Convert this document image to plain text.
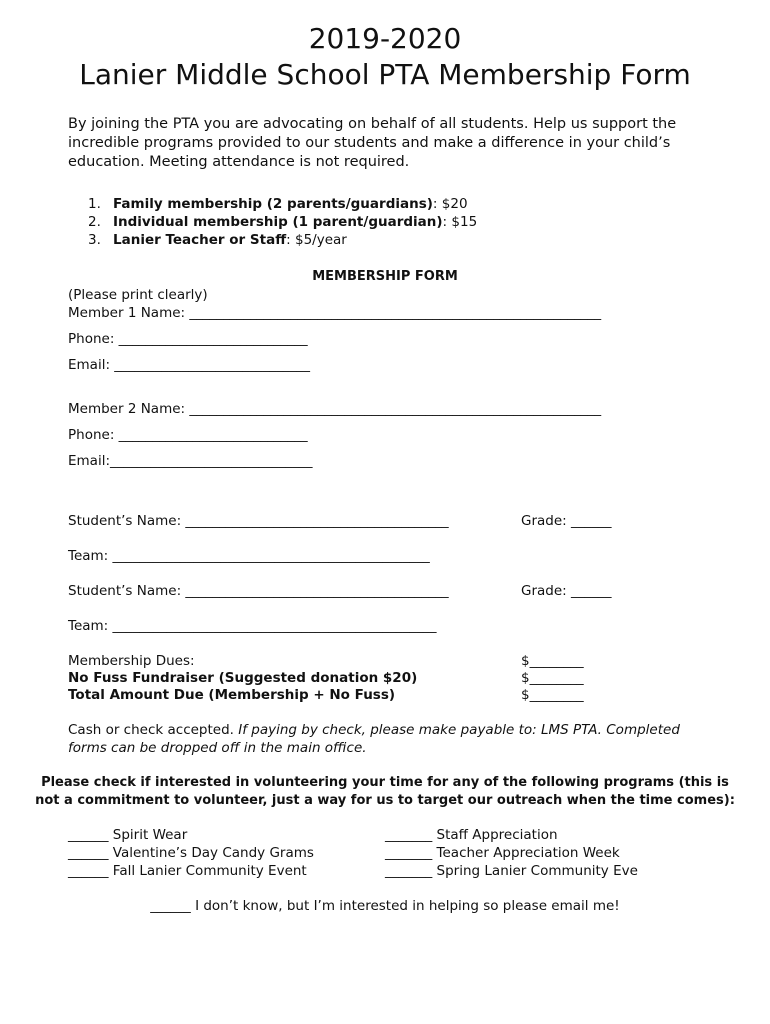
2019-2020
Lanier Middle School PTA Membership Form
By joining the PTA you are advocating on behalf of all students. Help us support the incredible programs provided to our students and make a difference in your child’s education. Meeting attendance is not required.
1. Family membership (2 parents/guardians): $20
2. Individual membership (1 parent/guardian): $15
3. Lanier Teacher or Staff: $5/year
MEMBERSHIP FORM
(Please print clearly)
Member 1 Name: _____________________________________________________________
Phone: ____________________________
Email: _____________________________
Member 2 Name: _____________________________________________________________
Phone: ____________________________
Email:______________________________
Student’s Name: _______________________________________	Grade: ______
Team: _______________________________________________
Student’s Name: _______________________________________	Grade: ______
Team: ________________________________________________
Membership Dues:
No Fuss Fundraiser (Suggested donation $20)
Total Amount Due (Membership + No Fuss)
$________
$________
$________
Cash or check accepted. If paying by check, please make payable to: LMS PTA. Completed
forms can be dropped off in the main office.
Please check if interested in volunteering your time for any of the following programs (this is
not a commitment to volunteer, just a way for us to target our outreach when the time comes):
______ Spirit Wear
______ Valentine’s Day Candy Grams
______ Fall Lanier Community Event
_______ Staff Appreciation
_______ Teacher Appreciation Week
_______ Spring Lanier Community Eve
______ I don’t know, but I’m interested in helping so please email me!
